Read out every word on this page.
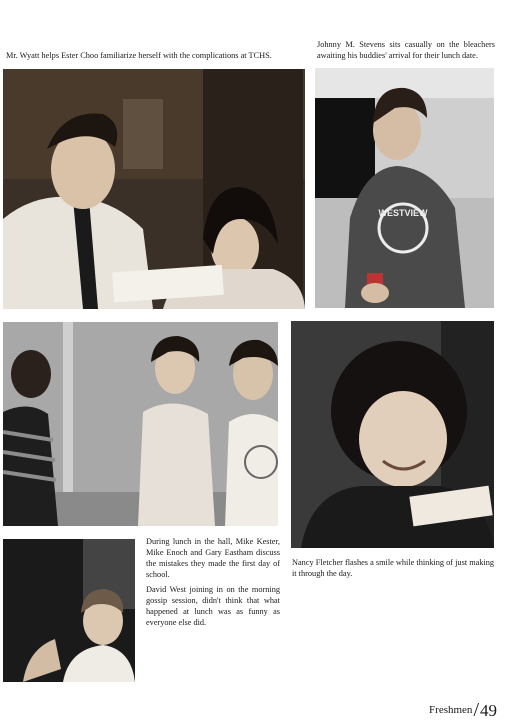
Mr. Wyatt helps Ester Choo familiarize herself with the complications at TCHS.

Johnny M. Stevens sits casually on the bleachers awaiting his buddies' arrival for their lunch date.

WESTVIEW

During lunch in the hall, Mike Kester, Mike Enoch and Gary Eastham discuss the mistakes they made the first day of school.

Nancy Fletcher flashes a smile while thinking of just making it through the day.

David West joining in on the morning gossip session, didn't think that what happened at lunch was as funny as everyone else did.

Freshmen / 49
